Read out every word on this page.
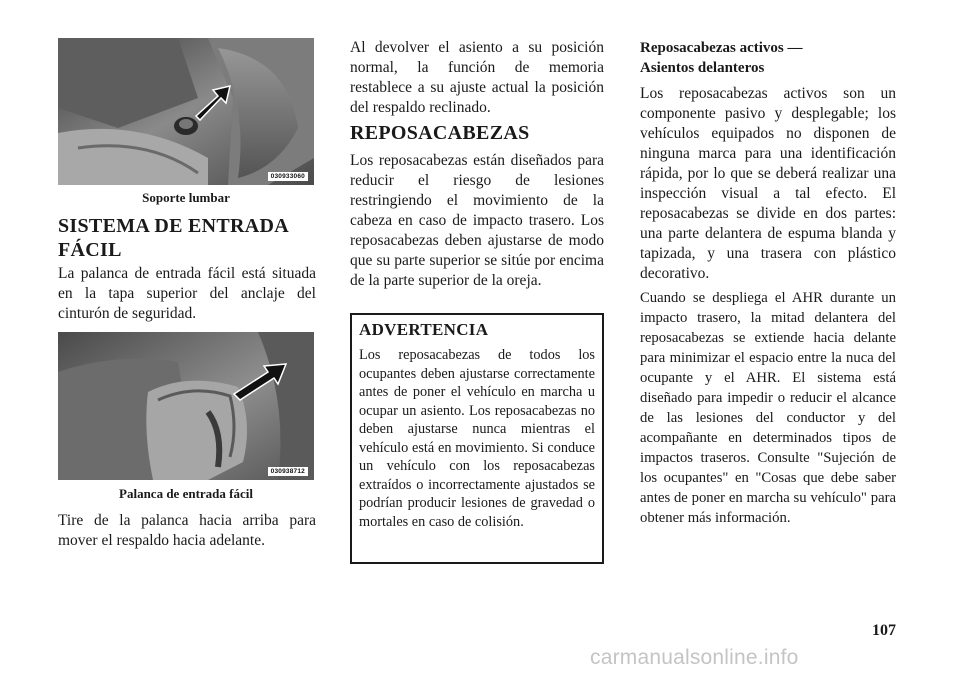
030933060

Soporte lumbar

SISTEMA DE ENTRADA
FÁCIL

La palanca de entrada fácil está situada en la tapa superior del anclaje del cinturón de seguridad.

030938712

Palanca de entrada fácil

Tire de la palanca hacia arriba para mover el respaldo hacia adelante.

Al devolver el asiento a su posición normal, la función de memoria restablece a su ajuste actual la posición del respaldo reclinado.

REPOSACABEZAS

Los reposacabezas están diseñados para reducir el riesgo de lesiones restringiendo el movimiento de la cabeza en caso de impacto trasero. Los reposacabezas deben ajustarse de modo que su parte superior se sitúe por encima de la parte superior de la oreja.

ADVERTENCIA

Los reposacabezas de todos los ocupantes deben ajustarse correctamente antes de poner el vehículo en marcha u ocupar un asiento. Los reposacabezas no deben ajustarse nunca mientras el vehículo está en movimiento. Si conduce un vehículo con los reposacabezas extraídos o incorrectamente ajustados se podrían producir lesiones de gravedad o mortales en caso de colisión.

Reposacabezas activos —
Asientos delanteros

Los reposacabezas activos son un componente pasivo y desplegable; los vehículos equipados no disponen de ninguna marca para una identificación rápida, por lo que se deberá realizar una inspección visual a tal efecto. El reposacabezas se divide en dos partes: una parte delantera de espuma blanda y tapizada, y una trasera con plástico decorativo.

Cuando se despliega el AHR durante un impacto trasero, la mitad delantera del reposacabezas se extiende hacia delante para minimizar el espacio entre la nuca del ocupante y el AHR. El sistema está diseñado para impedir o reducir el alcance de las lesiones del conductor y del acompañante en determinados tipos de impactos traseros. Consulte "Sujeción de los ocupantes" en "Cosas que debe saber antes de poner en marcha su vehículo" para obtener más información.

107

carmanualsonline.info
